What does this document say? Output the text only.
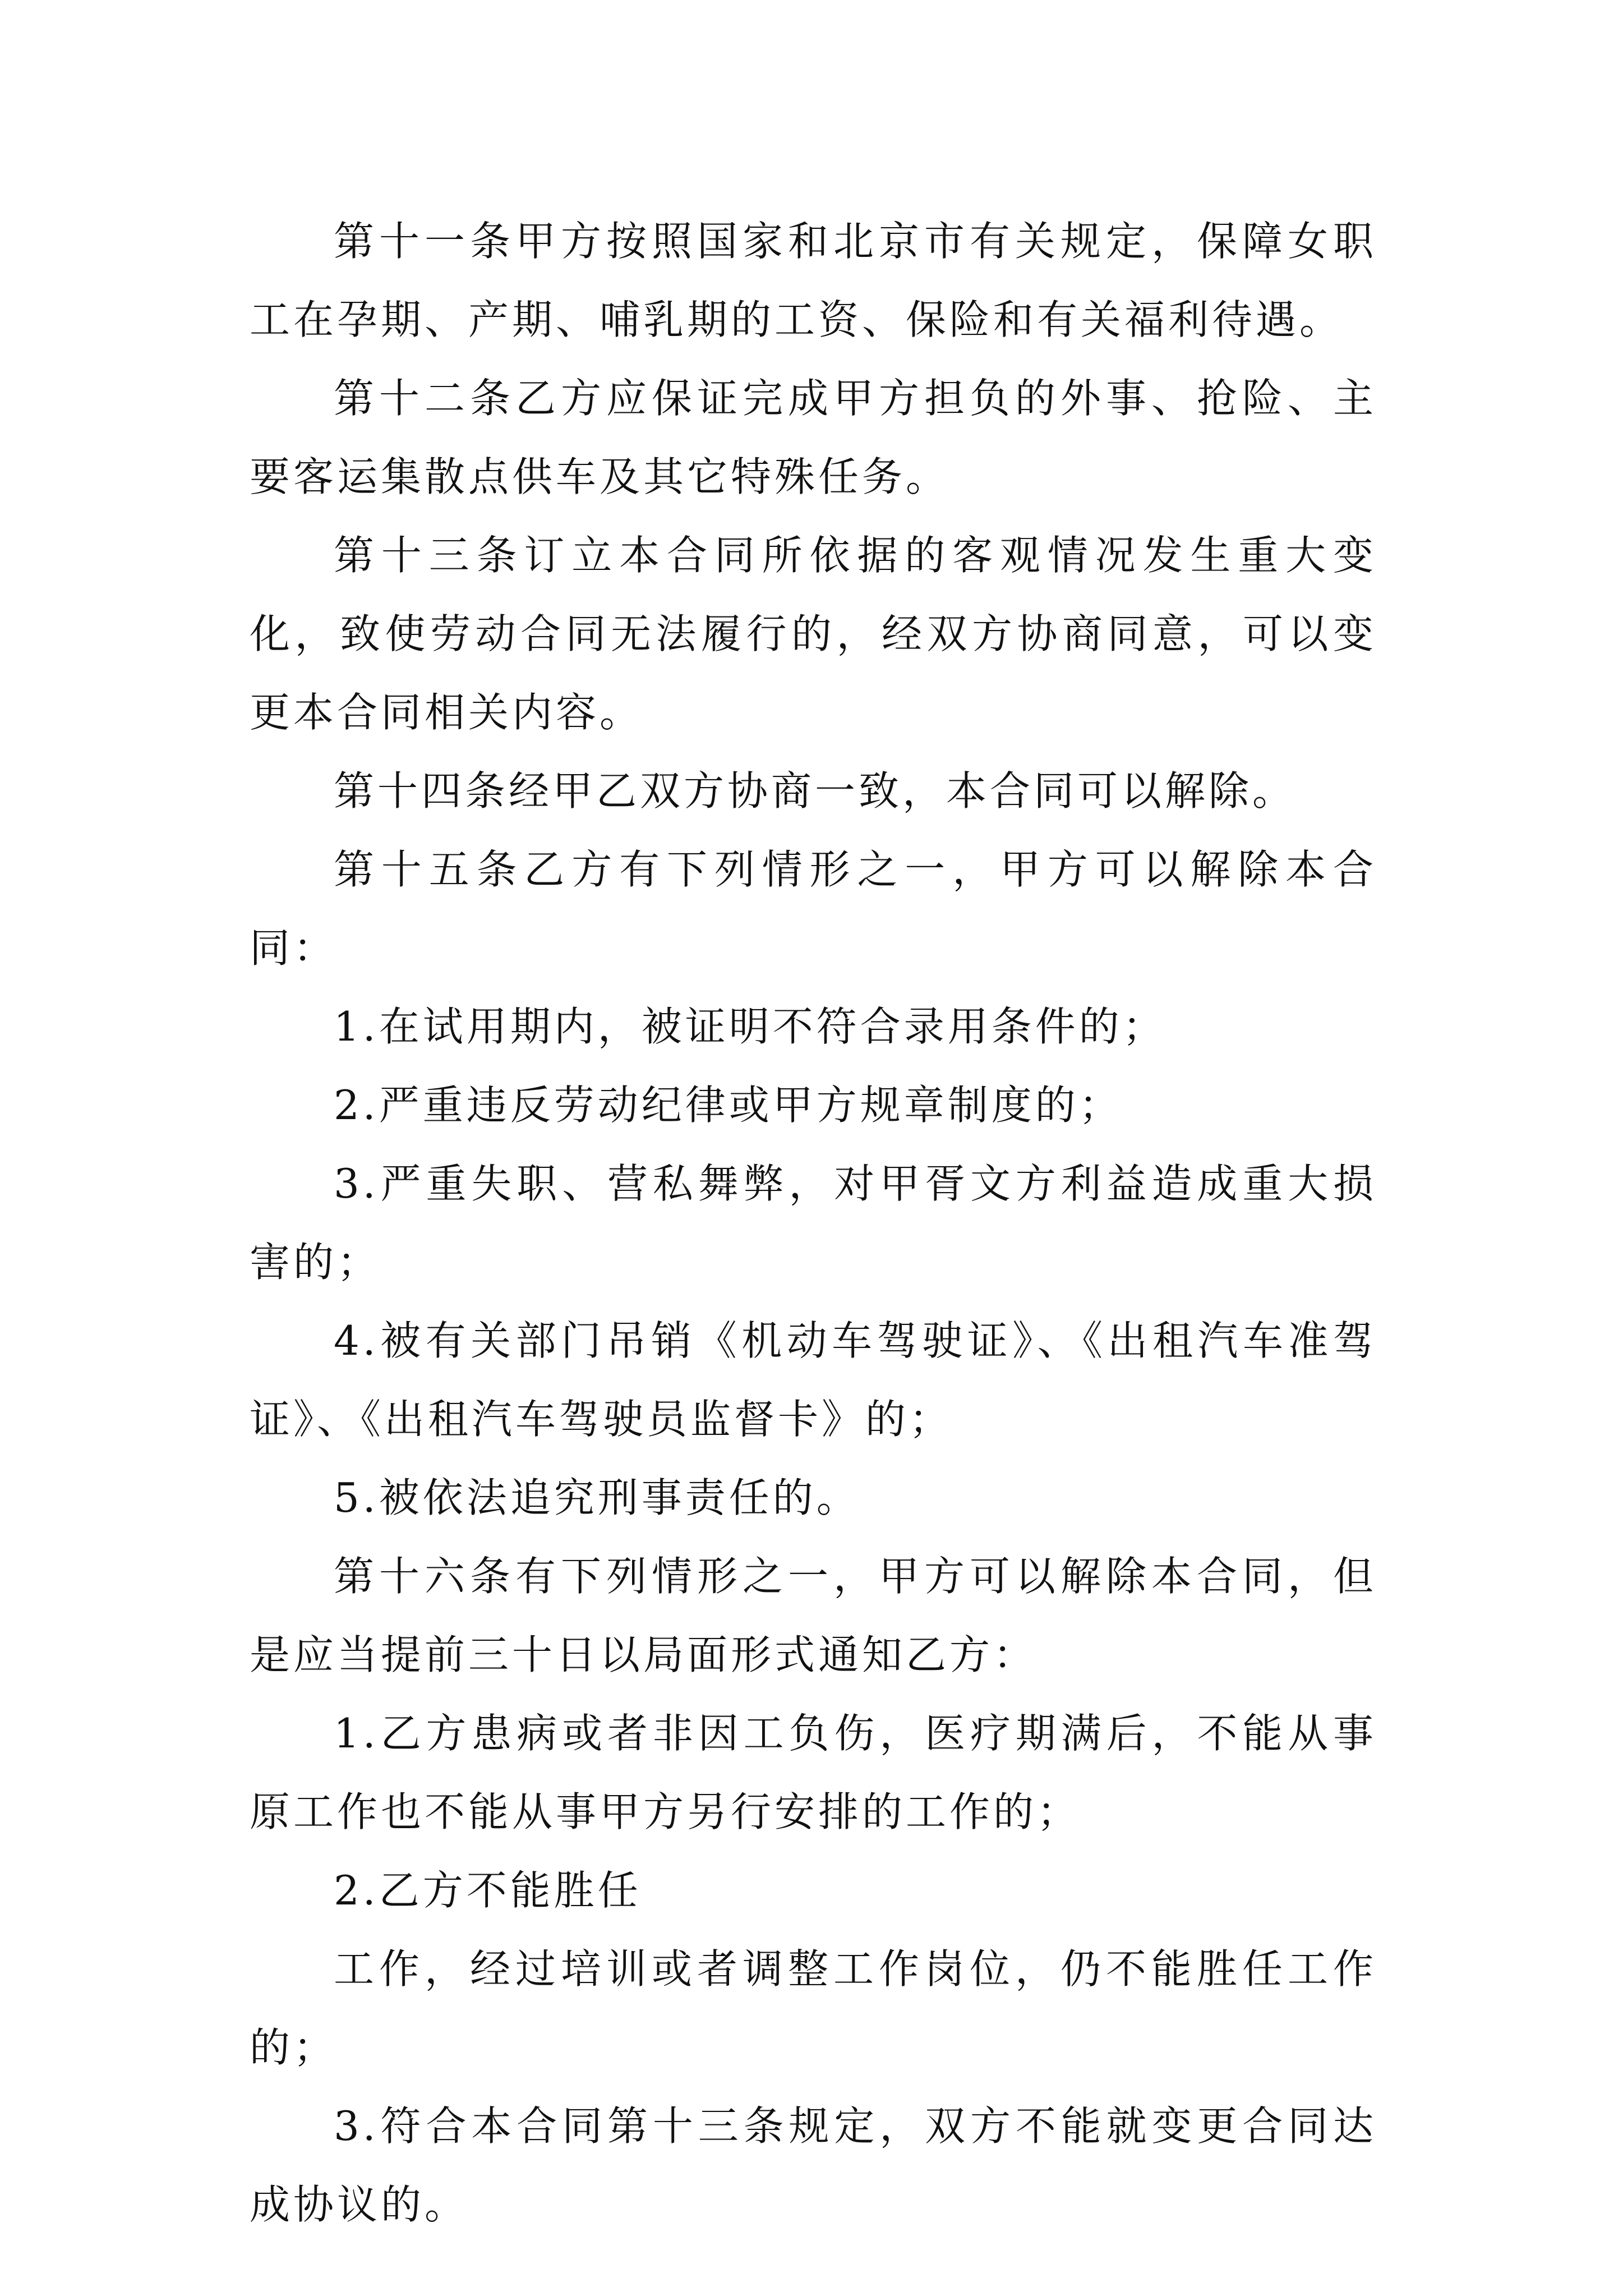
第十一条甲方按照国家和北京市有关规定，保障女职工在孕期、产期、哺乳期的工资、保险和有关福利待遇。

第十二条乙方应保证完成甲方担负的外事、抢险、主要客运集散点供车及其它特殊任务。

第十三条订立本合同所依据的客观情况发生重大变化，致使劳动合同无法履行的，经双方协商同意，可以变更本合同相关内容。

第十四条经甲乙双方协商一致，本合同可以解除。

第十五条乙方有下列情形之一，甲方可以解除本合同：

1.在试用期内，被证明不符合录用条件的；

2.严重违反劳动纪律或甲方规章制度的；

3.严重失职、营私舞弊，对甲胥文方利益造成重大损害的；

4.被有关部门吊销《机动车驾驶证》、《出租汽车准驾证》、《出租汽车驾驶员监督卡》的；

5.被依法追究刑事责任的。

第十六条有下列情形之一，甲方可以解除本合同，但是应当提前三十日以局面形式通知乙方：

1.乙方患病或者非因工负伤，医疗期满后，不能从事原工作也不能从事甲方另行安排的工作的；

2.乙方不能胜任

工作，经过培训或者调整工作岗位，仍不能胜任工作的；

3.符合本合同第十三条规定，双方不能就变更合同达成协议的。
